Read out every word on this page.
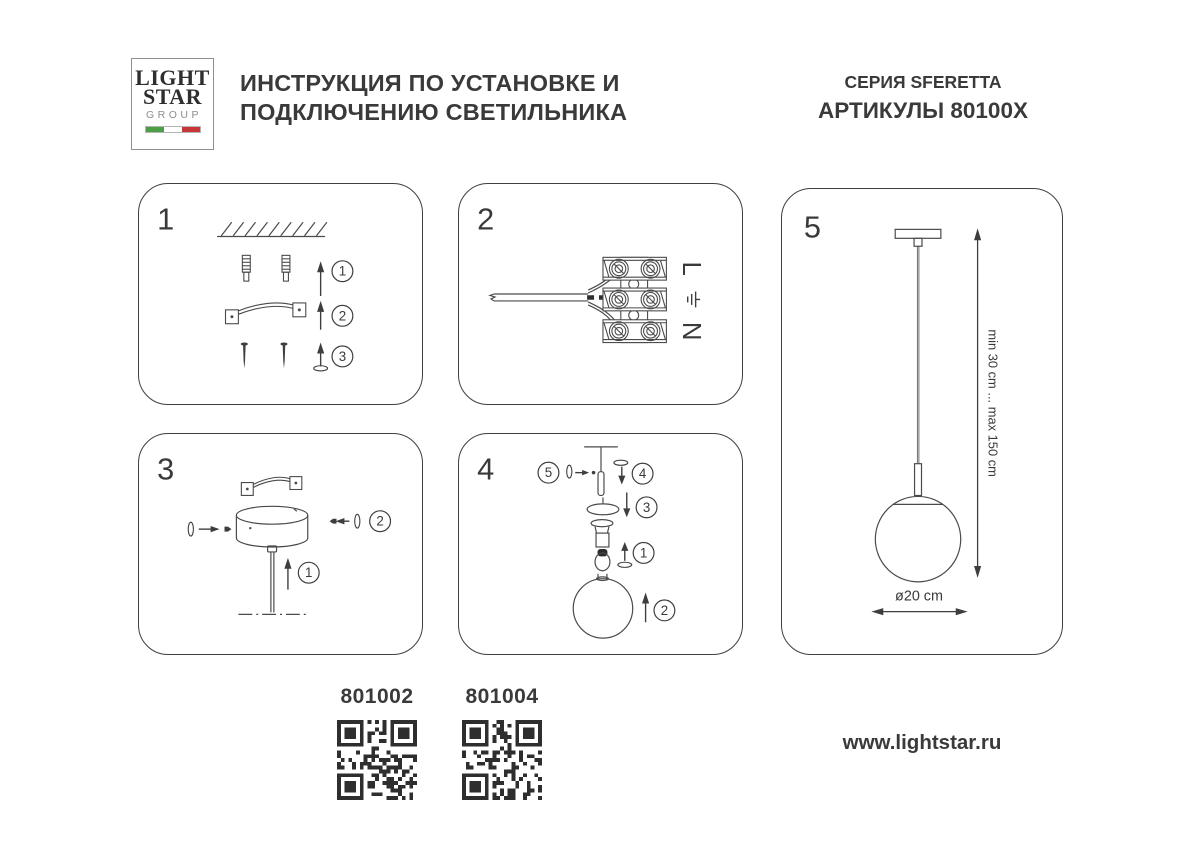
LIGHT
STAR
GROUP
ИНСТРУКЦИЯ ПО УСТАНОВКЕ И
ПОДКЛЮЧЕНИЮ СВЕТИЛЬНИКА
СЕРИЯ SFERETTA
АРТИКУЛЫ 80100X
1
1
2
3
2
L
N
3
2
1
4	5	4
3
1
2
5
min 30 cm ... max 150 cm
ø20 cm
801002	801004
www.lightstar.ru
